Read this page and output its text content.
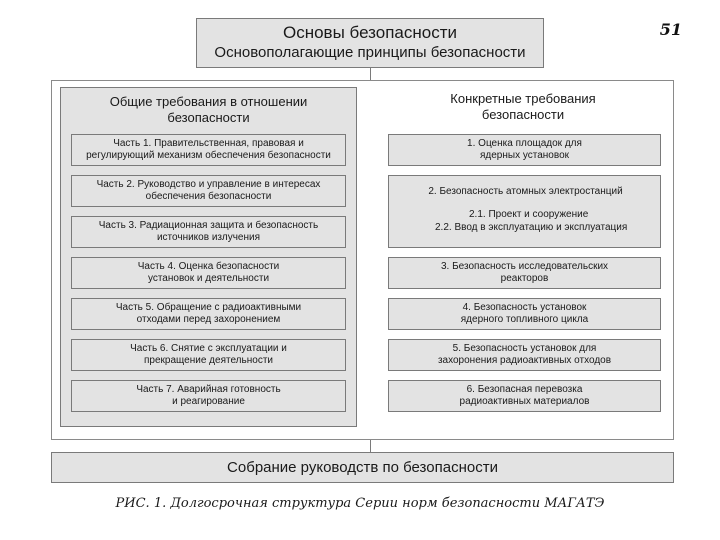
51
Основы безопасности
Основополагающие принципы безопасности
Общие требования в отношении
безопасности
Часть 1. Правительственная, правовая и
регулирующий механизм обеспечения безопасности
Часть 2. Руководство и управление в интересах
обеспечения безопасности
Часть 3. Радиационная защита и безопасность
источников излучения
Часть 4. Оценка безопасности
установок и деятельности
Часть 5. Обращение с радиоактивными
отходами перед захоронением
Часть 6. Снятие с эксплуатации и
прекращение деятельности
Часть 7. Аварийная готовность
и реагирование
Конкретные требования
безопасности
1. Оценка площадок для
ядерных установок
2. Безопасность атомных электростанций
2.1. Проект и сооружение
2.2. Ввод в эксплуатацию и эксплуатация
3. Безопасность исследовательских
реакторов
4. Безопасность установок
ядерного топливного цикла
5. Безопасность установок для
захоронения радиоактивных отходов
6. Безопасная перевозка
радиоактивных материалов
Собрание руководств по безопасности
РИС. 1. Долгосрочная структура Серии норм безопасности МАГАТЭ
